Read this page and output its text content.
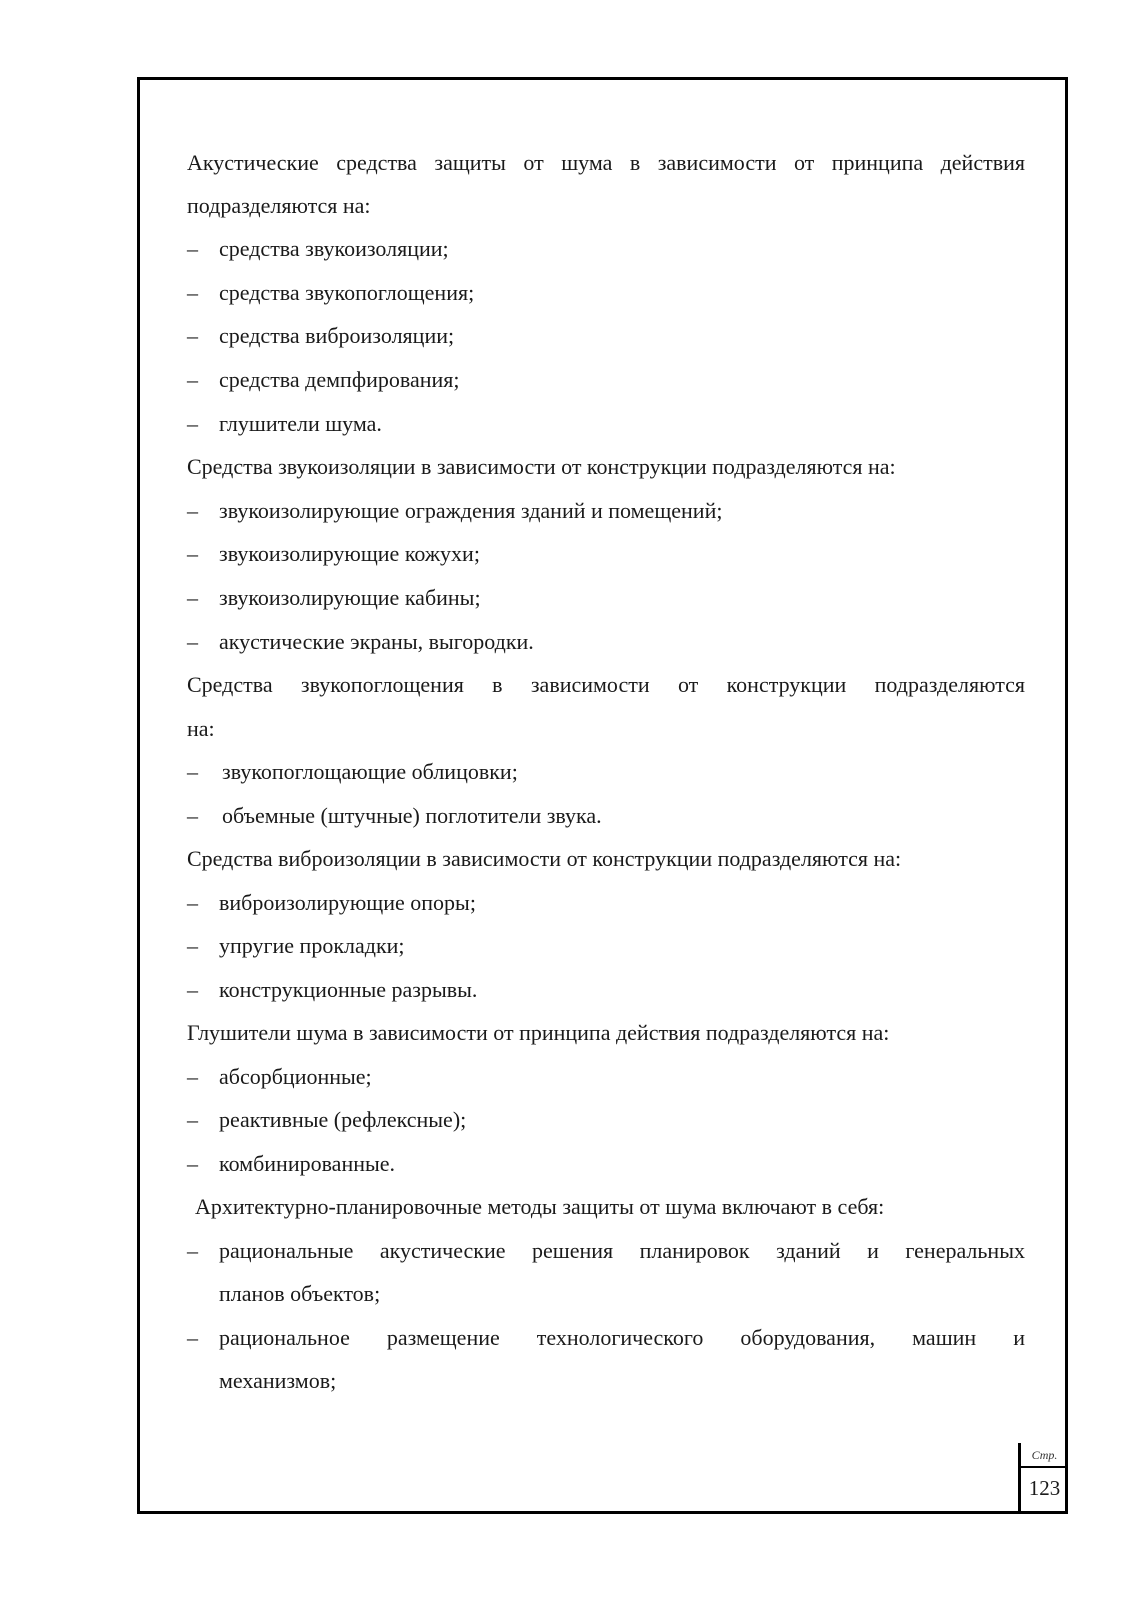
Акустические средства защиты от шума в зависимости от принципа действия
подразделяются на:
– средства звукоизоляции;
– средства звукопоглощения;
– средства виброизоляции;
– средства демпфирования;
– глушители шума.
Средства звукоизоляции в зависимости от конструкции подразделяются на:
– звукоизолирующие ограждения зданий и помещений;
– звукоизолирующие кожухи;
– звукоизолирующие кабины;
– акустические экраны, выгородки.
Средства звукопоглощения в зависимости от конструкции подразделяются
на:
– звукопоглощающие облицовки;
– объемные (штучные) поглотители звука.
Средства виброизоляции в зависимости от конструкции подразделяются на:
– виброизолирующие опоры;
– упругие прокладки;
– конструкционные разрывы.
Глушители шума в зависимости от принципа действия подразделяются на:
– абсорбционные;
– реактивные (рефлексные);
– комбинированные.
Архитектурно-планировочные методы защиты от шума включают в себя:
– рациональные акустические решения планировок зданий и генеральных
планов объектов;
– рациональное размещение технологического оборудования, машин и
механизмов;
Стр.
123
